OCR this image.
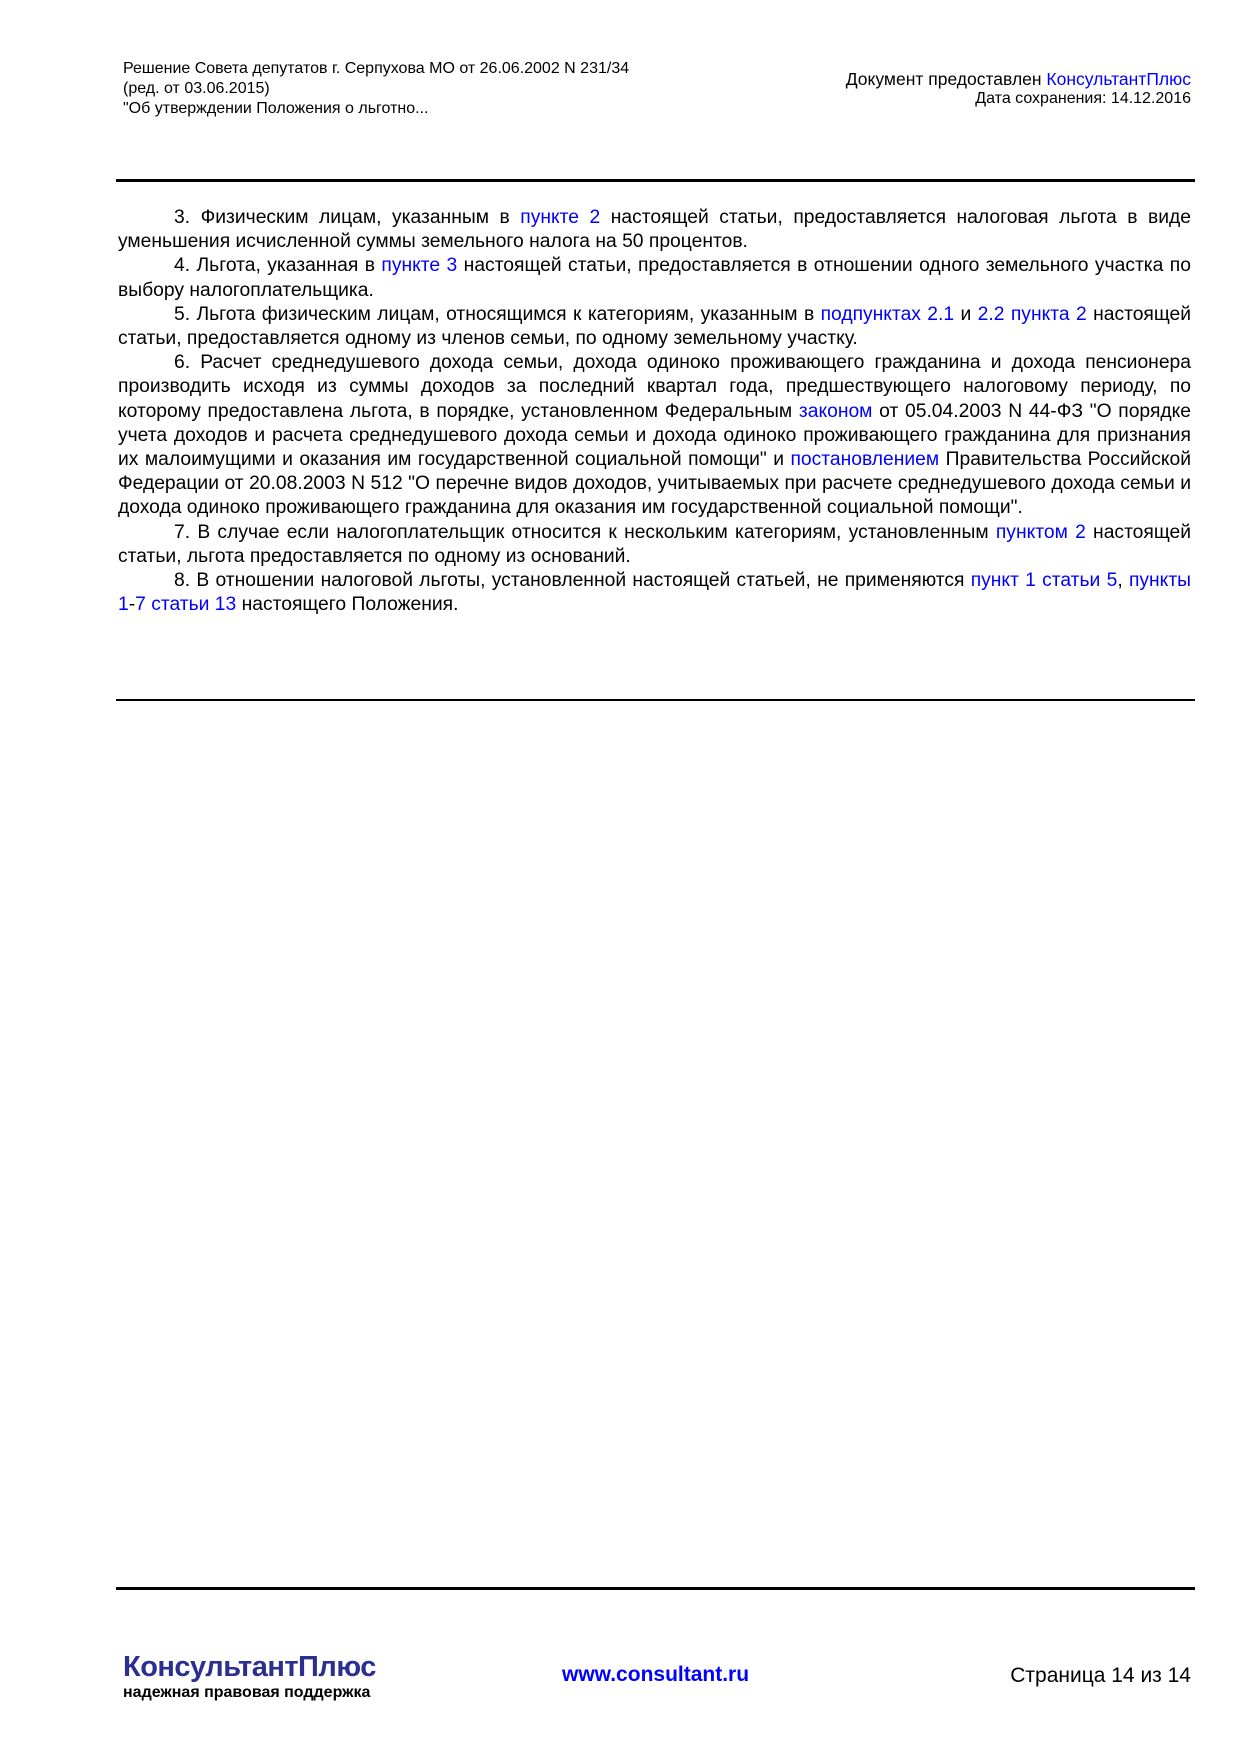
Решение Совета депутатов г. Серпухова МО от 26.06.2002 N 231/34
(ред. от 03.06.2015)
"Об утверждении Положения о льготно...
Документ предоставлен КонсультантПлюс
Дата сохранения: 14.12.2016

3. Физическим лицам, указанным в пункте 2 настоящей статьи, предоставляется налоговая льгота в виде уменьшения исчисленной суммы земельного налога на 50 процентов.

4. Льгота, указанная в пункте 3 настоящей статьи, предоставляется в отношении одного земельного участка по выбору налогоплательщика.

5. Льгота физическим лицам, относящимся к категориям, указанным в подпунктах 2.1 и 2.2 пункта 2 настоящей статьи, предоставляется одному из членов семьи, по одному земельному участку.

6. Расчет среднедушевого дохода семьи, дохода одиноко проживающего гражданина и дохода пенсионера производить исходя из суммы доходов за последний квартал года, предшествующего налоговому периоду, по которому предоставлена льгота, в порядке, установленном Федеральным законом от 05.04.2003 N 44-ФЗ "О порядке учета доходов и расчета среднедушевого дохода семьи и дохода одиноко проживающего гражданина для признания их малоимущими и оказания им государственной социальной помощи" и постановлением Правительства Российской Федерации от 20.08.2003 N 512 "О перечне видов доходов, учитываемых при расчете среднедушевого дохода семьи и дохода одиноко проживающего гражданина для оказания им государственной социальной помощи".

7. В случае если налогоплательщик относится к нескольким категориям, установленным пунктом 2 настоящей статьи, льгота предоставляется по одному из оснований.

8. В отношении налоговой льготы, установленной настоящей статьей, не применяются пункт 1 статьи 5, пункты 1-7 статьи 13 настоящего Положения.

КонсультантПлюс
надежная правовая поддержка
www.consultant.ru	Страница 14 из 14
